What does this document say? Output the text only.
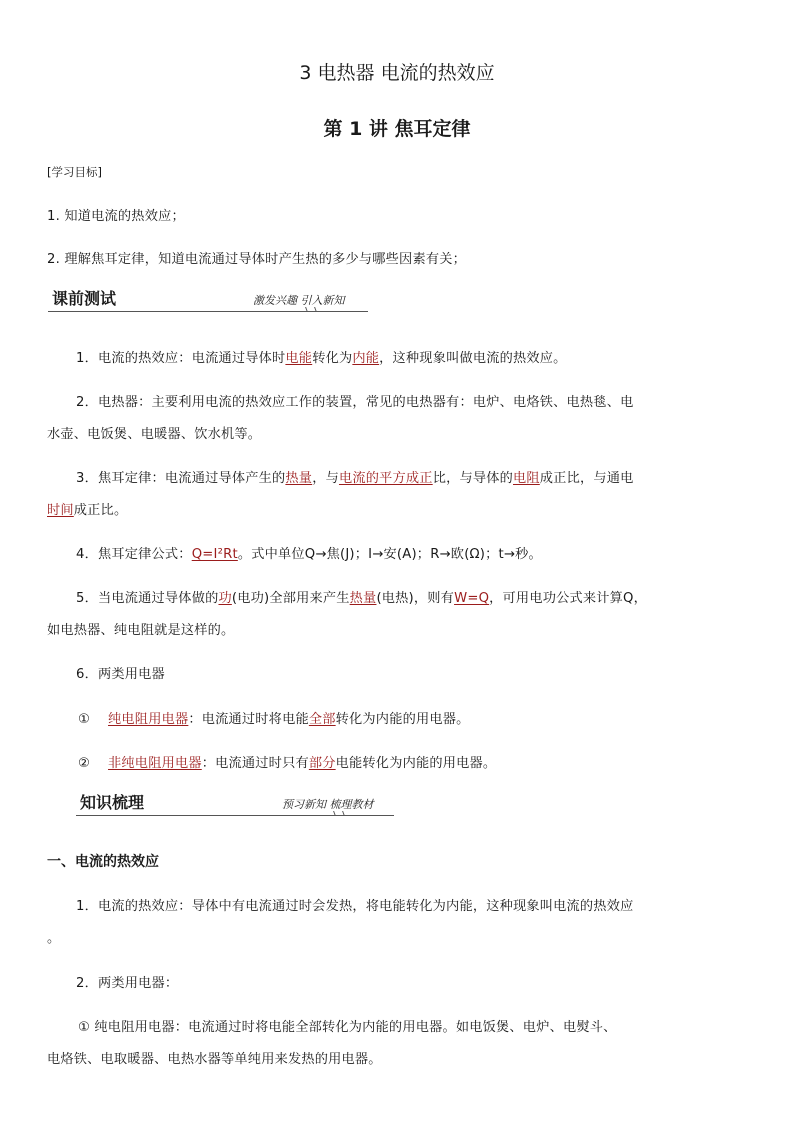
3 电热器 电流的热效应
第 1 讲 焦耳定律
[学习目标]
1. 知道电流的热效应；
2. 理解焦耳定律，知道电流通过导体时产生热的多少与哪些因素有关；
课前测试	激发兴趣 引入新知
1．电流的热效应：电流通过导体时电能转化为内能，这种现象叫做电流的热效应。
2．电热器：主要利用电流的热效应工作的装置，常见的电热器有：电炉、电烙铁、电热毯、电
水壶、电饭煲、电暖器、饮水机等。
3．焦耳定律：电流通过导体产生的热量，与电流的平方成正比，与导体的电阻成正比，与通电
时间成正比。
4．焦耳定律公式：Q=I²Rt。式中单位Q→焦(J)；I→安(A)；R→欧(Ω)；t→秒。
5．当电流通过导体做的功(电功)全部用来产生热量(电热)，则有W=Q，可用电功公式来计算Q，
如电热器、纯电阻就是这样的。
6．两类用电器
① 纯电阻用电器：电流通过时将电能全部转化为内能的用电器。
② 非纯电阻用电器：电流通过时只有部分电能转化为内能的用电器。
知识梳理	预习新知 梳理教材
一、电流的热效应
1．电流的热效应：导体中有电流通过时会发热，将电能转化为内能，这种现象叫电流的热效应
。
2．两类用电器：
① 纯电阻用电器：电流通过时将电能全部转化为内能的用电器。如电饭煲、电炉、电熨斗、
电烙铁、电取暖器、电热水器等单纯用来发热的用电器。
